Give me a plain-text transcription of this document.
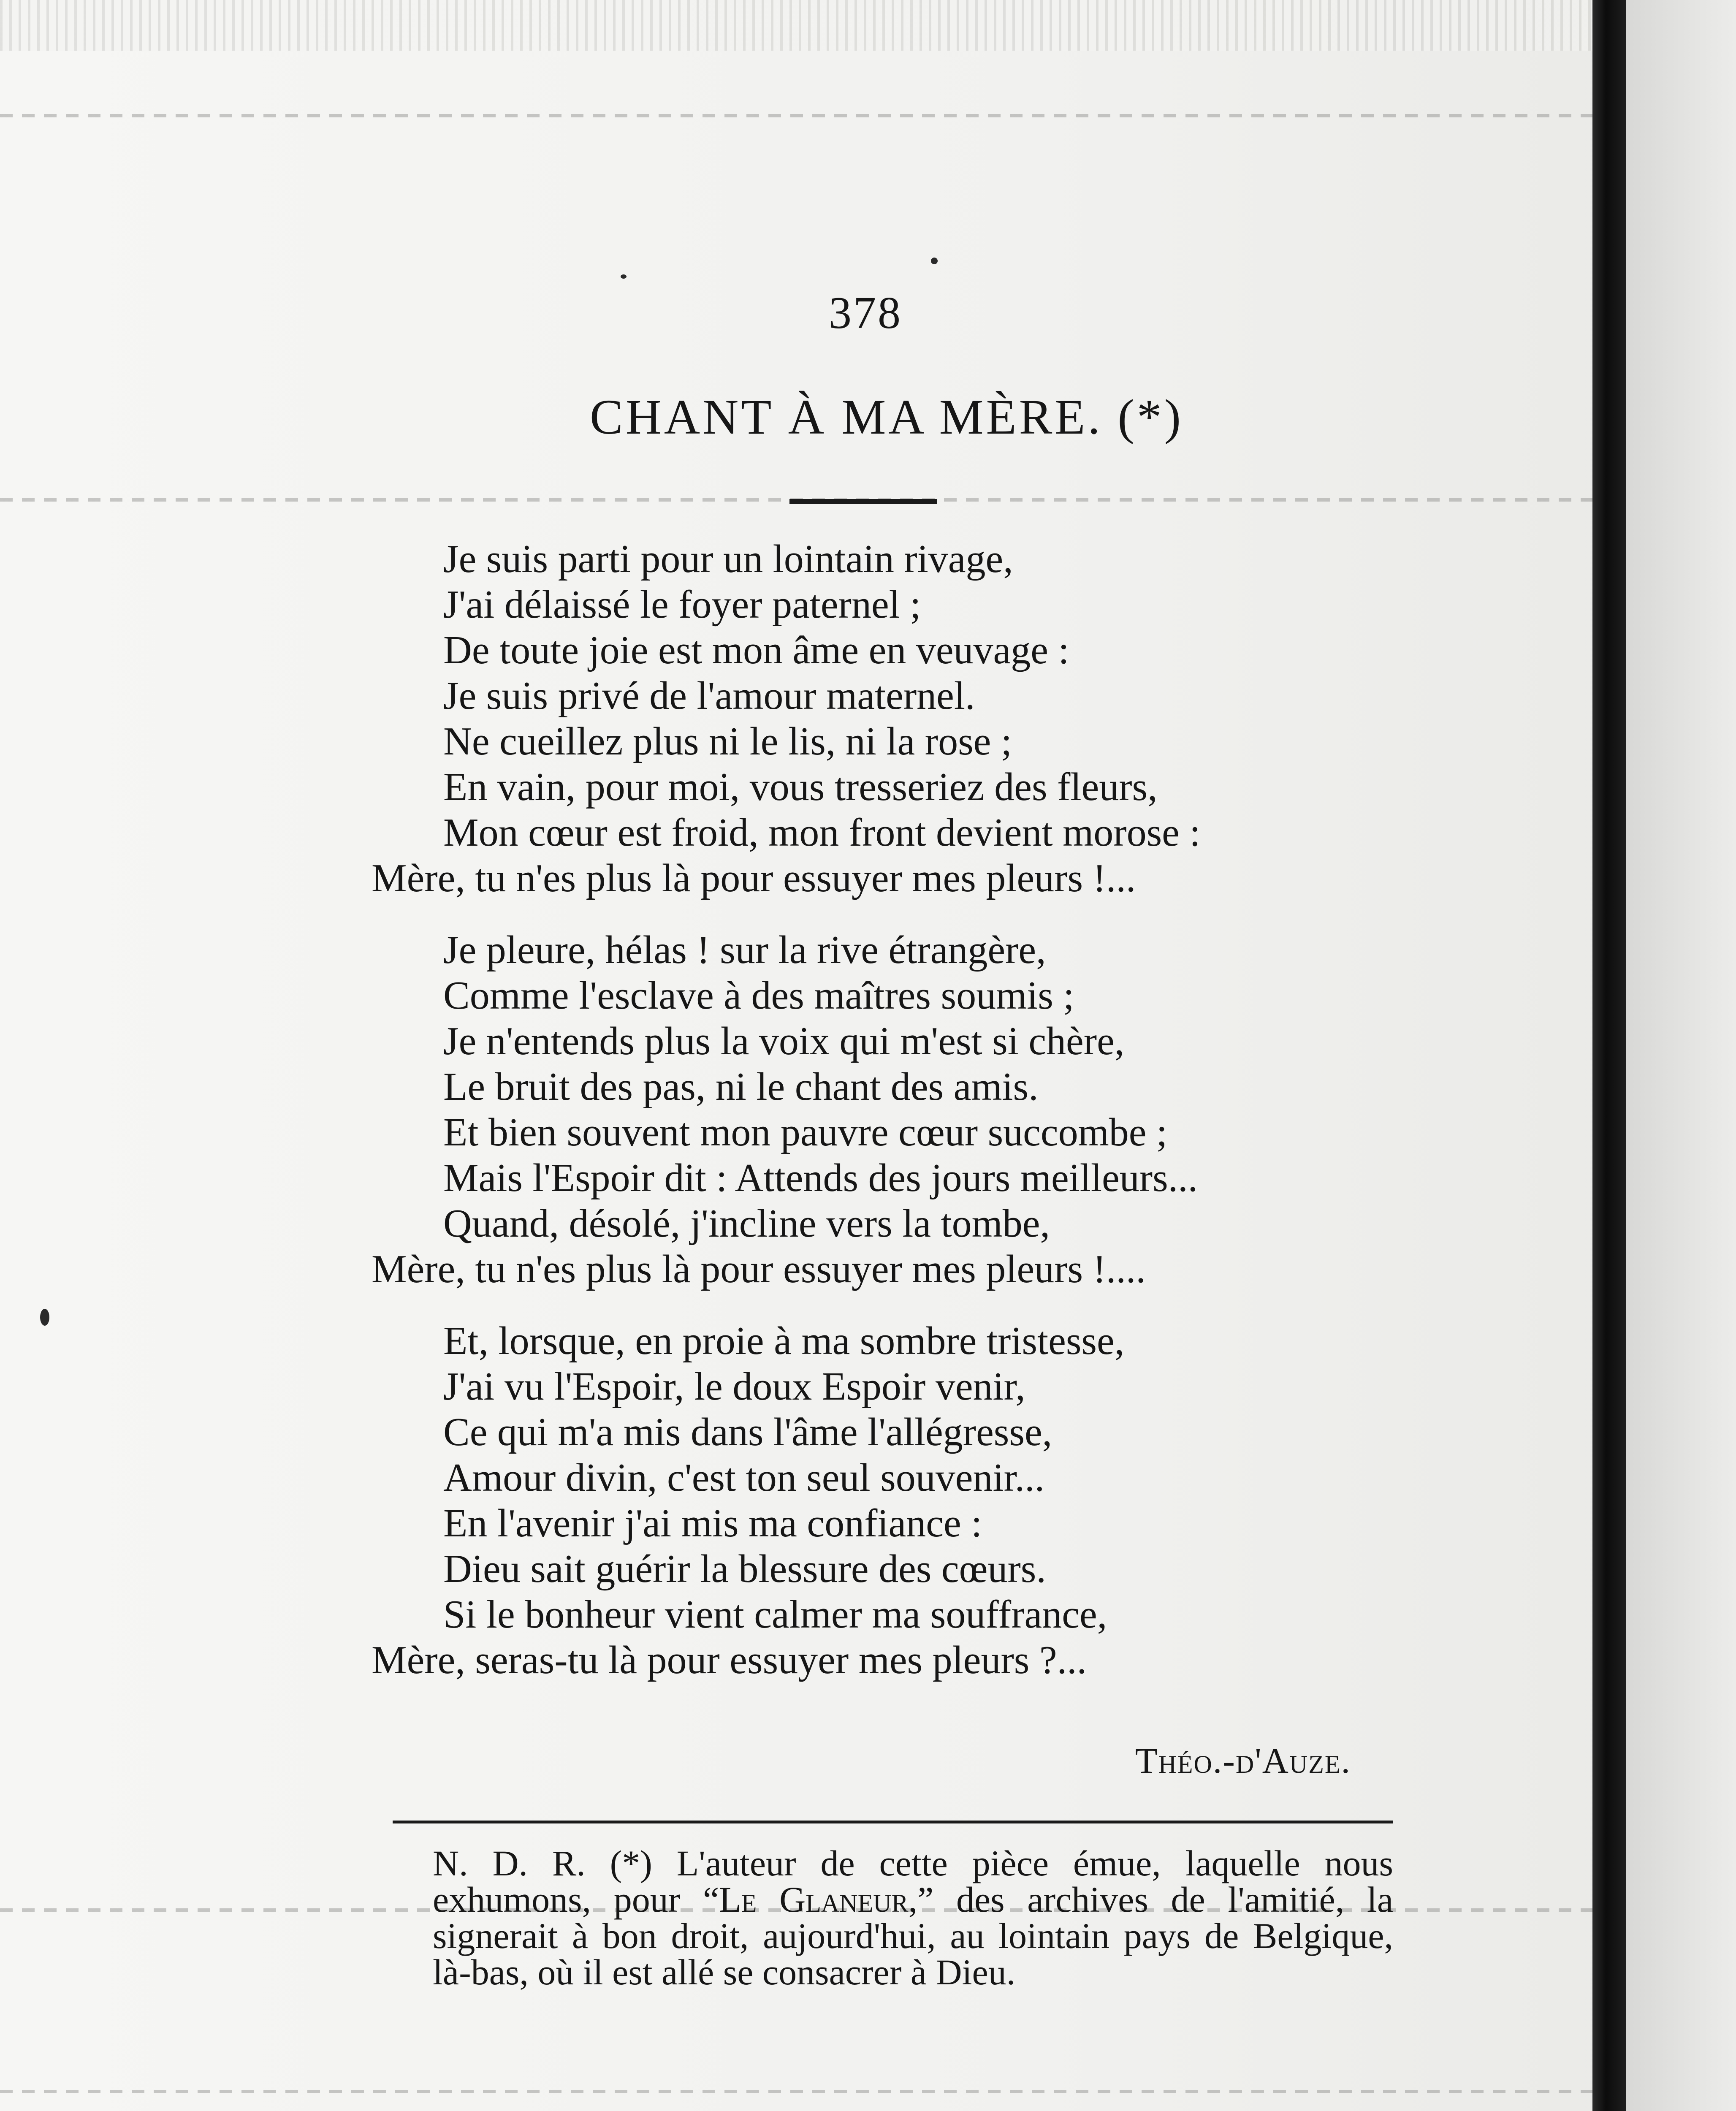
378
CHANT À MA MÈRE. (*)
Je suis parti pour un lointain rivage,
J'ai délaissé le foyer paternel ;
De toute joie est mon âme en veuvage :
Je suis privé de l'amour maternel.
Ne cueillez plus ni le lis, ni la rose ;
En vain, pour moi, vous tresseriez des fleurs,
Mon cœur est froid, mon front devient morose :
Mère, tu n'es plus là pour essuyer mes pleurs !...
Je pleure, hélas ! sur la rive étrangère,
Comme l'esclave à des maîtres soumis ;
Je n'entends plus la voix qui m'est si chère,
Le bruit des pas, ni le chant des amis.
Et bien souvent mon pauvre cœur succombe ;
Mais l'Espoir dit : Attends des jours meilleurs...
Quand, désolé, j'incline vers la tombe,
Mère, tu n'es plus là pour essuyer mes pleurs !....
Et, lorsque, en proie à ma sombre tristesse,
J'ai vu l'Espoir, le doux Espoir venir,
Ce qui m'a mis dans l'âme l'allégresse,
Amour divin, c'est ton seul souvenir...
En l'avenir j'ai mis ma confiance :
Dieu sait guérir la blessure des cœurs.
Si le bonheur vient calmer ma souffrance,
Mère, seras-tu là pour essuyer mes pleurs ?...
Théo.-d'Auze.
N. D. R. (*) L'auteur de cette pièce émue, laquelle nous exhumons, pour “Le Glaneur,” des archives de l'amitié, la signerait à bon droit, aujourd'hui, au lointain pays de Belgique, là-bas, où il est allé se consacrer à Dieu.
